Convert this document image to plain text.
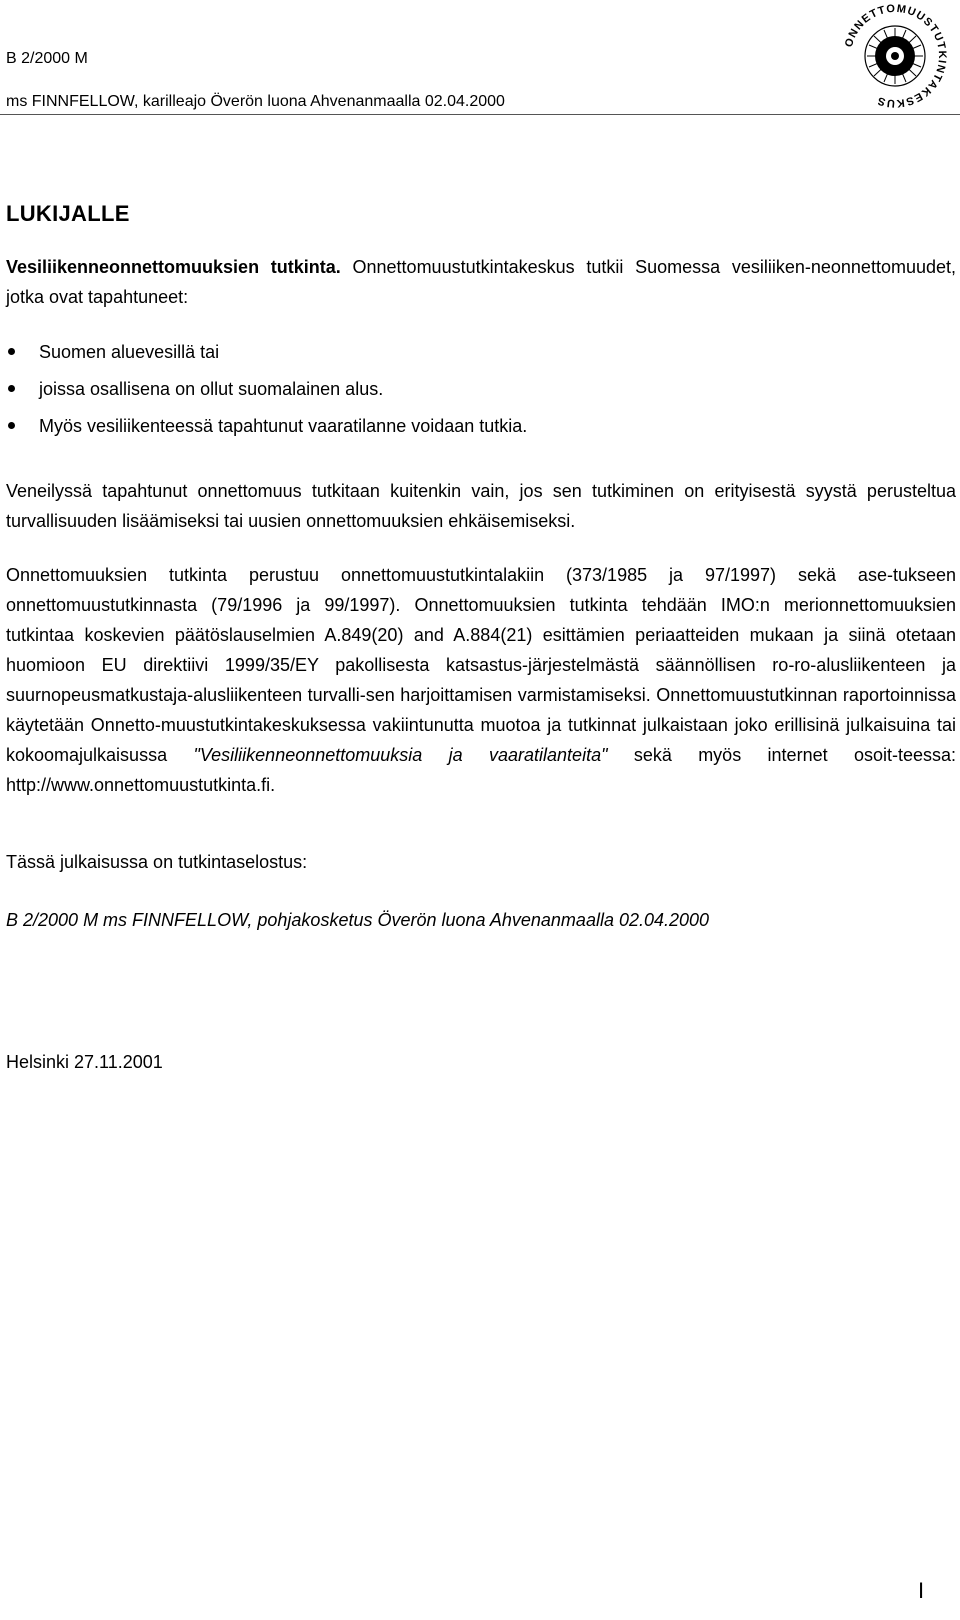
B 2/2000 M
ms FINNFELLOW, karilleajo Överön luona Ahvenanmaalla 02.04.2000
ONNETTOMUUSTUTKINTAKESKUS
LUKIJALLE
Vesiliikenneonnettomuuksien tutkinta. Onnettomuustutkintakeskus tutkii Suomessa vesiliiken-neonnettomuudet, jotka ovat tapahtuneet:
Suomen aluevesillä tai
joissa osallisena on ollut suomalainen alus.
Myös vesiliikenteessä tapahtunut vaaratilanne voidaan tutkia.
Veneilyssä tapahtunut onnettomuus tutkitaan kuitenkin vain, jos sen tutkiminen on erityisestä syystä perusteltua turvallisuuden lisäämiseksi tai uusien onnettomuuksien ehkäisemiseksi.
Onnettomuuksien tutkinta perustuu onnettomuustutkintalakiin (373/1985 ja 97/1997) sekä ase-tukseen onnettomuustutkinnasta (79/1996 ja 99/1997). Onnettomuuksien tutkinta tehdään IMO:n merionnettomuuksien tutkintaa koskevien päätöslauselmien A.849(20) and A.884(21) esittämien periaatteiden mukaan ja siinä otetaan huomioon EU direktiivi 1999/35/EY pakollisesta katsastus-järjestelmästä säännöllisen ro-ro-alusliikenteen ja suurnopeusmatkustaja-alusliikenteen turvalli-sen harjoittamisen varmistamiseksi. Onnettomuustutkinnan raportoinnissa käytetään Onnetto-muustutkintakeskuksessa vakiintunutta muotoa ja tutkinnat julkaistaan joko erillisinä julkaisuina tai kokoomajulkaisussa "Vesiliikenneonnettomuuksia ja vaaratilanteita" sekä myös internet osoit-teessa: http://www.onnettomuustutkinta.fi.
Tässä julkaisussa on tutkintaselostus:
B 2/2000 M ms FINNFELLOW, pohjakosketus Överön luona Ahvenanmaalla 02.04.2000
Helsinki 27.11.2001
I
